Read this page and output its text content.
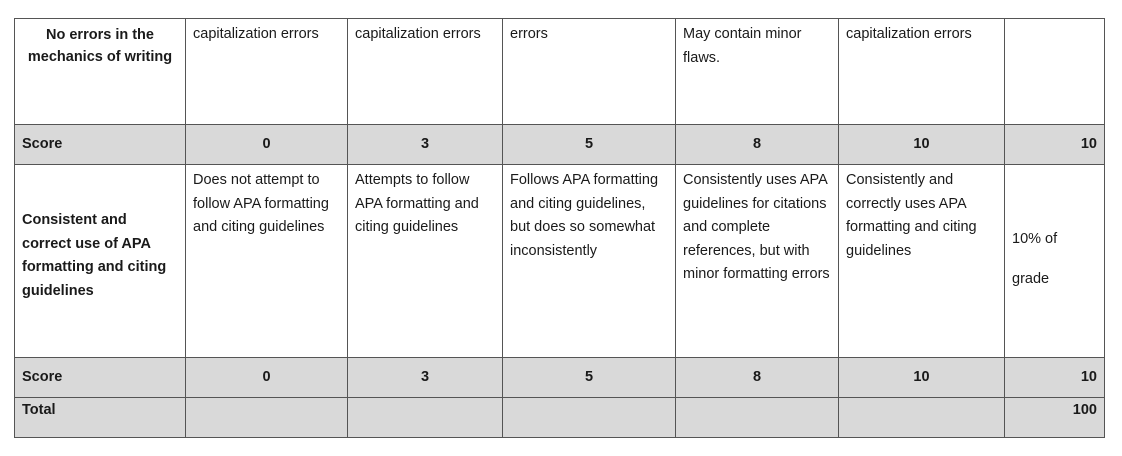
No errors in the mechanics of writing	capitalization errors	capitalization errors	errors	May contain minor flaws.	capitalization errors	

Score	0	3	5	8	10	10

Consistent and correct use of APA formatting and citing guidelines	Does not attempt to follow APA formatting and citing guidelines	Attempts to follow APA formatting and citing guidelines	Follows APA formatting and citing guidelines, but does so somewhat inconsistently	Consistently uses APA guidelines for citations and complete references, but with minor formatting errors	Consistently and correctly uses APA formatting and citing guidelines	10% of grade

Score	0	3	5	8	10	10
Total						100
